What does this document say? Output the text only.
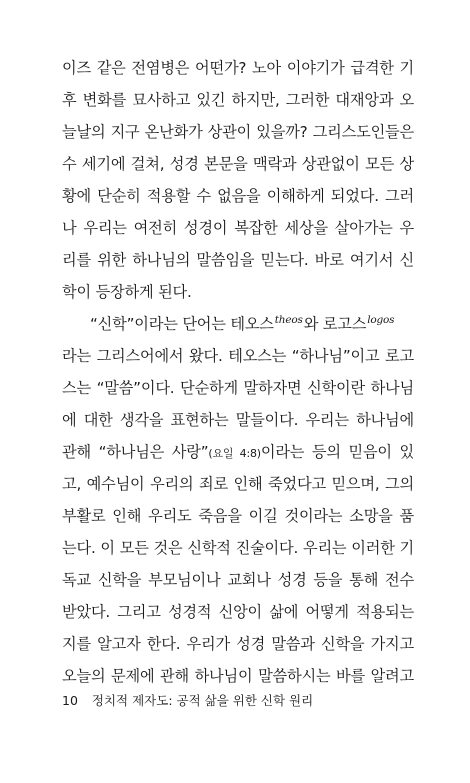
이즈 같은 전염병은 어떤가? 노아 이야기가 급격한 기
후 변화를 묘사하고 있긴 하지만, 그러한 대재앙과 오
늘날의 지구 온난화가 상관이 있을까? 그리스도인들은
수 세기에 걸쳐, 성경 본문을 맥락과 상관없이 모든 상
황에 단순히 적용할 수 없음을 이해하게 되었다. 그러
나 우리는 여전히 성경이 복잡한 세상을 살아가는 우
리를 위한 하나님의 말씀임을 믿는다. 바로 여기서 신
학이 등장하게 된다.
“신학”이라는 단어는 테오스$^{theos}$와 로고스$^{logos}$
라는 그리스어에서 왔다. 테오스는 “하나님”이고 로고
스는 “말씀”이다. 단순하게 말하자면 신학이란 하나님
에 대한 생각을 표현하는 말들이다. 우리는 하나님에
관해 “하나님은 사랑”(요일 4:8)이라는 등의 믿음이 있
고, 예수님이 우리의 죄로 인해 죽었다고 믿으며, 그의
부활로 인해 우리도 죽음을 이길 것이라는 소망을 품
는다. 이 모든 것은 신학적 진술이다. 우리는 이러한 기
독교 신학을 부모님이나 교회나 성경 등을 통해 전수
받았다. 그리고 성경적 신앙이 삶에 어떻게 적용되는
지를 알고자 한다. 우리가 성경 말씀과 신학을 가지고
오늘의 문제에 관해 하나님이 말씀하시는 바를 알려고
10 정치적 제자도: 공적 삶을 위한 신학 원리
